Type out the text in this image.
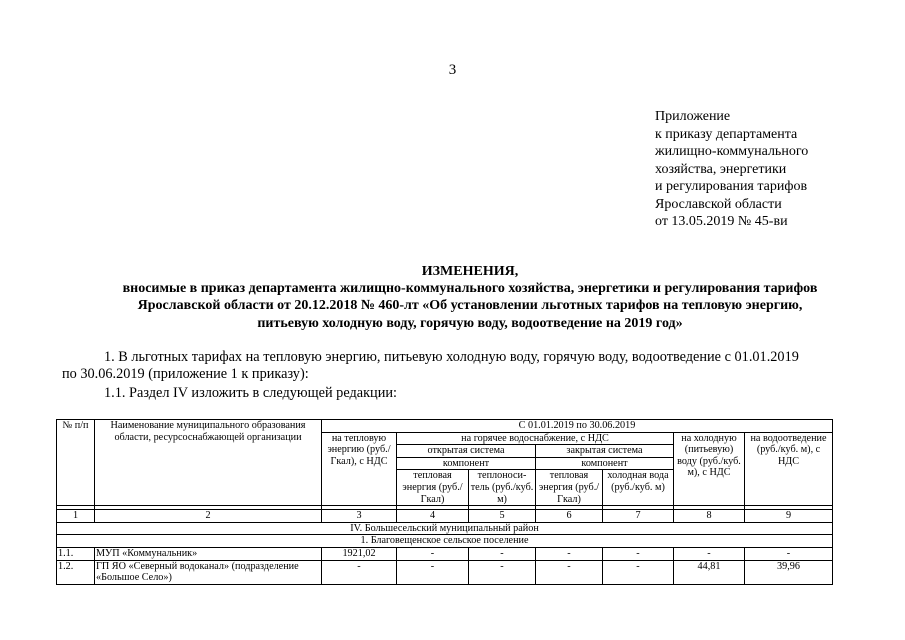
3
Приложение
к приказу департамента
жилищно-коммунального
хозяйства, энергетики
и регулирования тарифов
Ярославской области
от 13.05.2019 № 45-ви
ИЗМЕНЕНИЯ,
вносимые в приказ департамента жилищно-коммунального хозяйства, энергетики и регулирования тарифов
Ярославской области от 20.12.2018 № 460-лт «Об установлении льготных тарифов на тепловую энергию,
питьевую холодную воду, горячую воду, водоотведение на 2019 год»
1. В льготных тарифах на тепловую энергию, питьевую холодную воду, горячую воду, водоотведение с 01.01.2019
по 30.06.2019 (приложение 1 к приказу):
1.1. Раздел IV изложить в следующей редакции:
№ п/п	Наименование муниципального образования области, ресурсоснабжающей организации	С 01.01.2019 по 30.06.2019						
		на тепловую энергию (руб./Гкал), с НДС	на горячее водоснабжение, с НДС				на холодную (питьевую) воду (руб./куб. м), с НДС	на водоотведение (руб./куб. м), с НДС
			открытая система		закрытая система			
			компонент		компонент			
			тепловая энергия (руб./Гкал)	теплоноси-тель (руб./куб. м)	тепловая энергия (руб./Гкал)	холодная вода (руб./куб. м)		

1	2	3	4	5	6	7	8	9
IV. Большесельский муниципальный район								
1. Благовещенское сельское поселение								
1.1.	МУП «Коммунальник»	1921,02	-	-	-	-	-	-
1.2.	ГП ЯО «Северный водоканал» (подразделение «Большое Село»)	-	-	-	-	-	44,81	39,96
